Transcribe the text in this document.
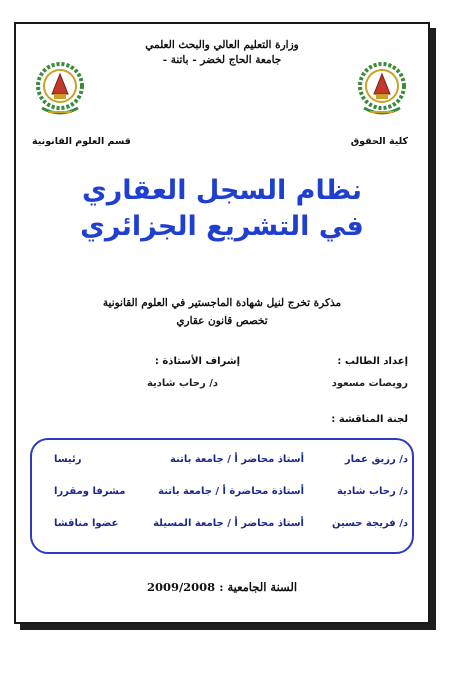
وزارة التعليم العالي والبحث العلمي
جامعة الحاج لخضر - باتنة -
كلية الحقوق
قسم العلوم القانونية
نظام السجل العقاري
في التشريع الجزائري
مذكرة تخرج لنيل شهادة الماجستير في العلوم القانونية
تخصص قانون عقاري
إعداد الطالب :
إشراف الأستاذة :
رويصات مسعود
د/ رحاب شادية
لجنة المناقشة :
د/ رزيق عمار
أستاذ محاضر أ / جامعة باتنة
رئيسا
د/ رحاب شادية
أستاذة محاضرة أ / جامعة باتنة
مشرفا ومقررا
د/ فريجة حسين
أستاذ محاضر أ / جامعة المسيلة
عضوا مناقشا
السنة الجامعية : 2009/2008
